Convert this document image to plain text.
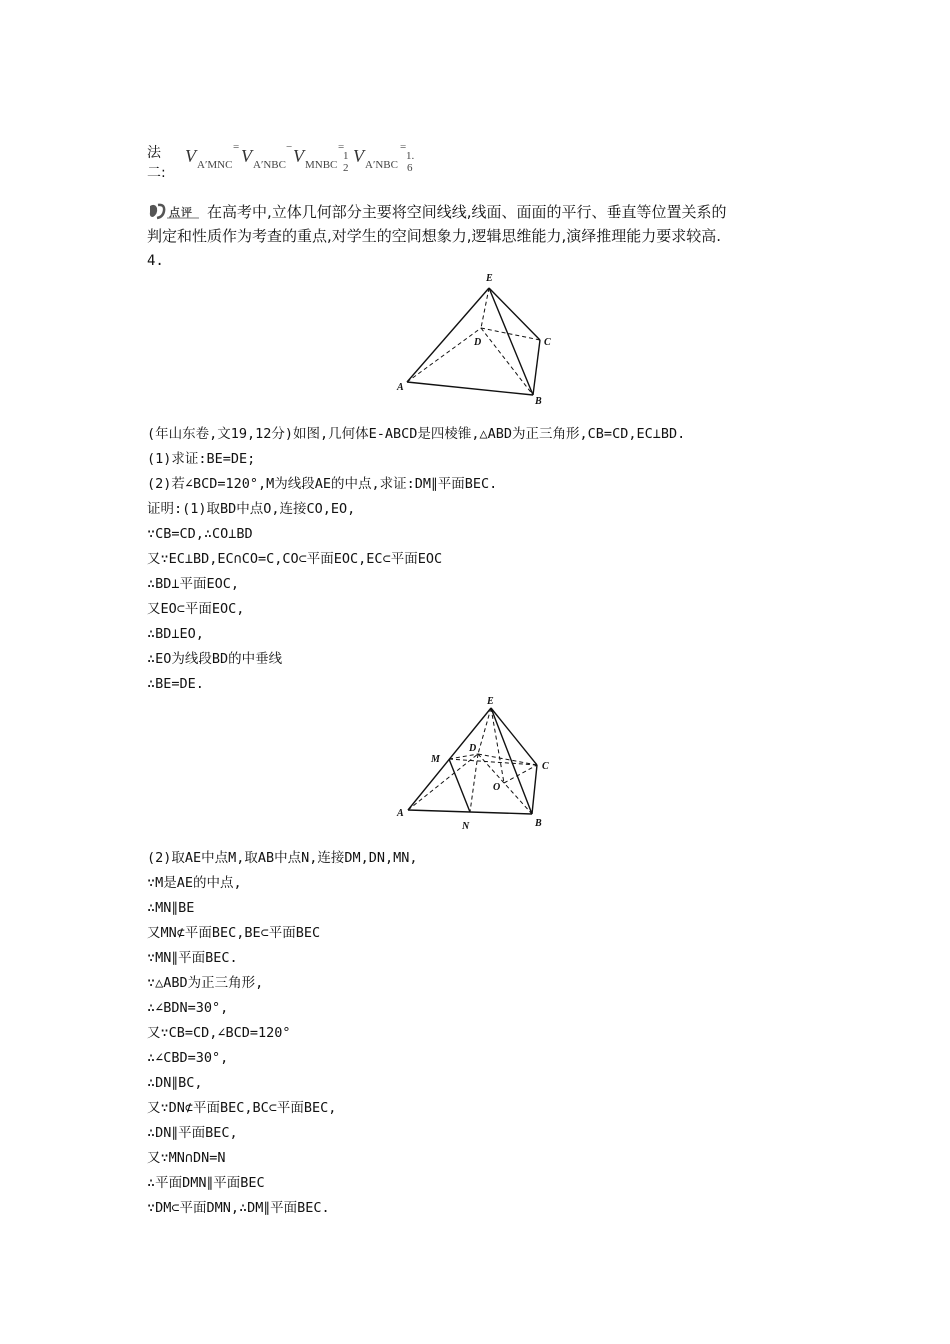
法二:
V A′MNC
= V A′NBC
− V MNBC
=
1
2
V A′NBC
=
1.
6
点评 在高考中,立体几何部分主要将空间线线,线面、面面的平行、垂直等位置关系的
判定和性质作为考查的重点,对学生的空间想象力,逻辑思维能力,演绎推理能力要求较高.
4.
E
D	C
A
B
(年山东卷,文19,12分)如图,几何体E-ABCD是四棱锥,△ABD为正三角形,CB=CD,EC⊥BD.
(1)求证:BE=DE;
(2)若∠BCD=120°,M为线段AE的中点,求证:DM∥平面BEC.
证明:(1)取BD中点O,连接CO,EO,
∵CB=CD,∴CO⊥BD
又∵EC⊥BD,EC∩CO=C,CO⊂平面EOC,EC⊂平面EOC
∴BD⊥平面EOC,
又EO⊂平面EOC,
∴BD⊥EO,
∴EO为线段BD的中垂线
∴BE=DE.
E
D
C
M
O
A
N	B
(2)取AE中点M,取AB中点N,连接DM,DN,MN,
∵M是AE的中点,
∴MN∥BE
又MN⊄平面BEC,BE⊂平面BEC
∵MN∥平面BEC.
∵△ABD为正三角形,
∴∠BDN=30°,
又∵CB=CD,∠BCD=120°
∴∠CBD=30°,
∴DN∥BC,
又∵DN⊄平面BEC,BC⊂平面BEC,
∴DN∥平面BEC,
又∵MN∩DN=N
∴平面DMN∥平面BEC
∵DM⊂平面DMN,∴DM∥平面BEC.
